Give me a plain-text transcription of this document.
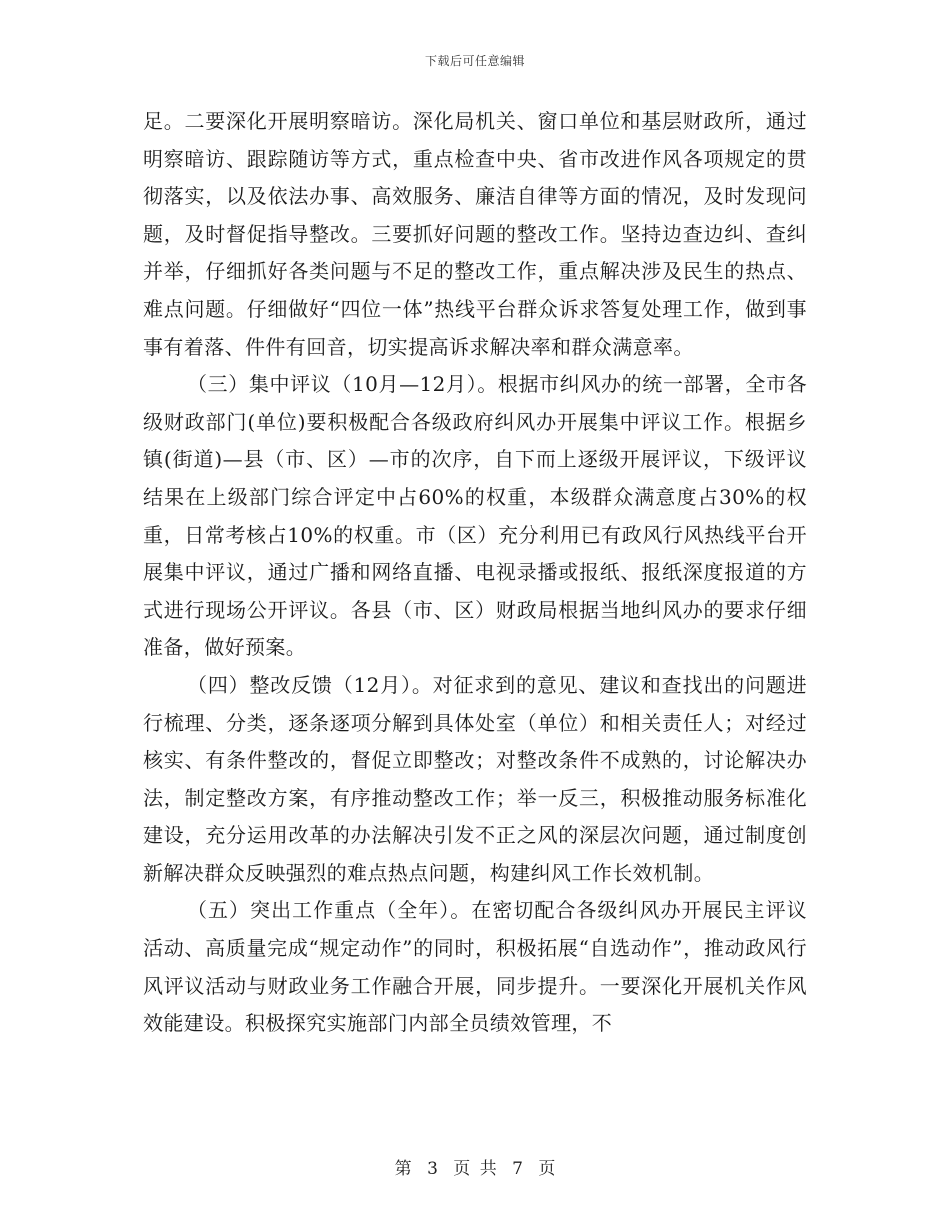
下载后可任意编辑

足。二要深化开展明察暗访。深化局机关、窗口单位和基层财政所，通过明察暗访、跟踪随访等方式，重点检查中央、省市改进作风各项规定的贯彻落实，以及依法办事、高效服务、廉洁自律等方面的情况，及时发现问题，及时督促指导整改。三要抓好问题的整改工作。坚持边查边纠、查纠并举，仔细抓好各类问题与不足的整改工作，重点解决涉及民生的热点、难点问题。仔细做好“四位一体”热线平台群众诉求答复处理工作，做到事事有着落、件件有回音，切实提高诉求解决率和群众满意率。

（三）集中评议（10月—12月）。根据市纠风办的统一部署，全市各级财政部门(单位)要积极配合各级政府纠风办开展集中评议工作。根据乡镇(街道)—县（市、区）—市的次序，自下而上逐级开展评议，下级评议结果在上级部门综合评定中占60%的权重，本级群众满意度占30%的权重，日常考核占10%的权重。市（区）充分利用已有政风行风热线平台开展集中评议，通过广播和网络直播、电视录播或报纸、报纸深度报道的方式进行现场公开评议。各县（市、区）财政局根据当地纠风办的要求仔细准备，做好预案。

（四）整改反馈（12月）。对征求到的意见、建议和查找出的问题进行梳理、分类，逐条逐项分解到具体处室（单位）和相关责任人；对经过核实、有条件整改的，督促立即整改；对整改条件不成熟的，讨论解决办法，制定整改方案，有序推动整改工作；举一反三，积极推动服务标准化建设，充分运用改革的办法解决引发不正之风的深层次问题，通过制度创新解决群众反映强烈的难点热点问题，构建纠风工作长效机制。

（五）突出工作重点（全年）。在密切配合各级纠风办开展民主评议活动、高质量完成“规定动作”的同时，积极拓展“自选动作”，推动政风行风评议活动与财政业务工作融合开展，同步提升。一要深化开展机关作风效能建设。积极探究实施部门内部全员绩效管理，不

第 3 页 共 7 页
